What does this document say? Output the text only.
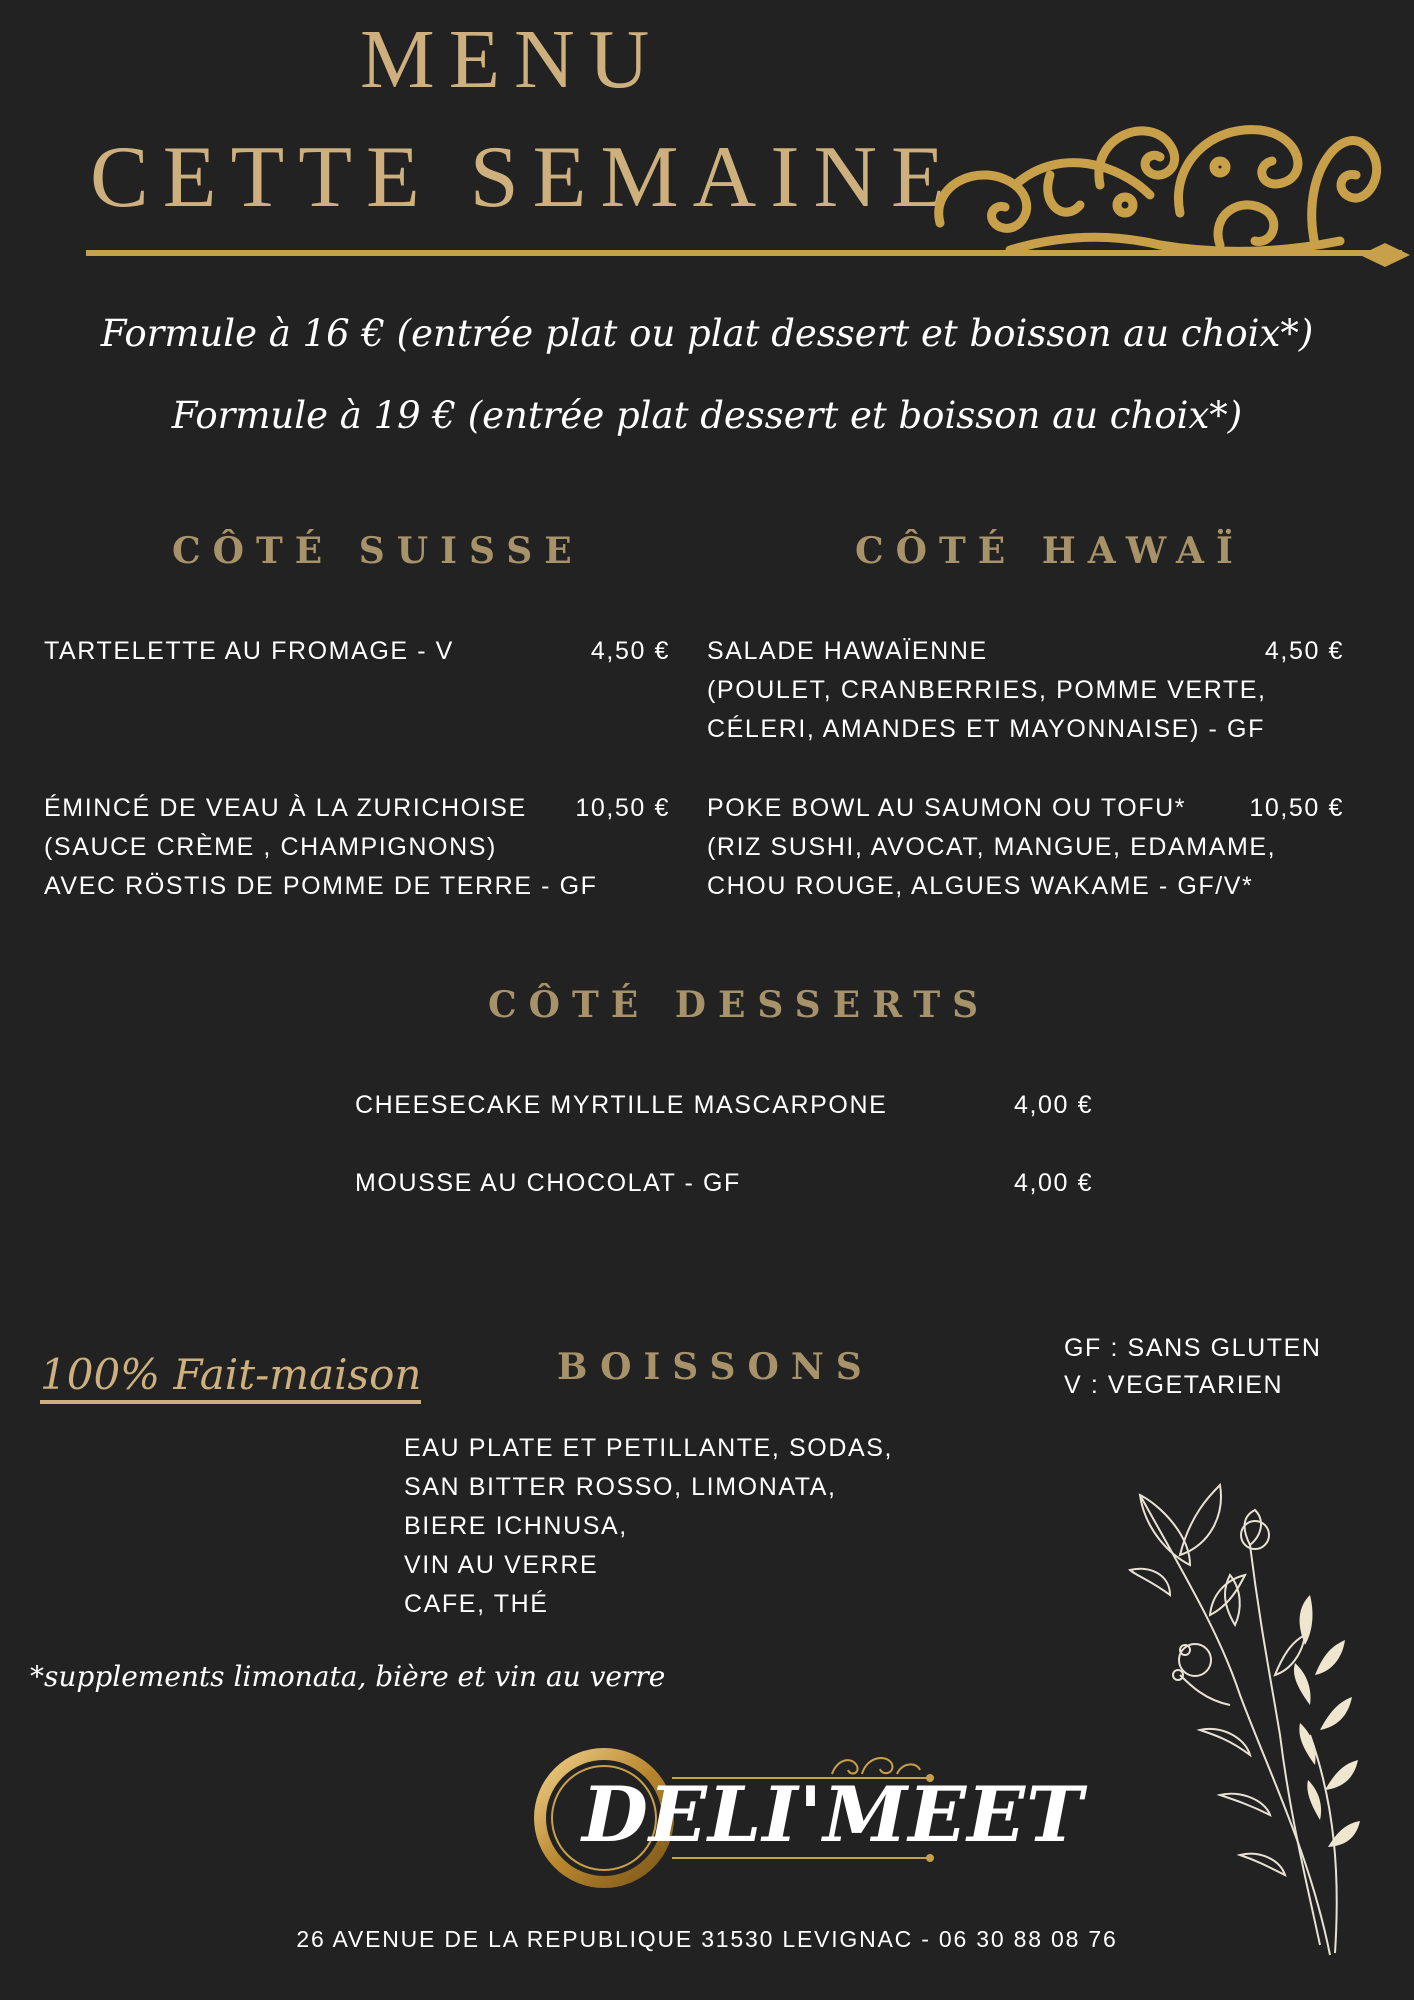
MENU
CETTE SEMAINE
Formule à 16 € (entrée plat ou plat dessert et boisson au choix*)
Formule à 19 € (entrée plat dessert et boisson au choix*)
CÔTÉ SUISSE
TARTELETTE AU FROMAGE - V	4,50 €
ÉMINCÉ DE VEAU À LA ZURICHOISE
(SAUCE CRÈME , CHAMPIGNONS)
AVEC RÖSTIS DE POMME DE TERRE - GF
10,50 €
CÔTÉ HAWAÏ
SALADE HAWAÏENNE
(POULET, CRANBERRIES, POMME VERTE,
CÉLERI, AMANDES ET MAYONNAISE) - GF
4,50 €
POKE BOWL AU SAUMON OU TOFU*
(RIZ SUSHI, AVOCAT, MANGUE, EDAMAME,
CHOU ROUGE, ALGUES WAKAME - GF/V*
10,50 €
CÔTÉ DESSERTS
CHEESECAKE MYRTILLE MASCARPONE	4,00 €
MOUSSE AU CHOCOLAT - GF	4,00 €
100% Fait-maison	BOISSONS
EAU PLATE ET PETILLANTE, SODAS,
SAN BITTER ROSSO, LIMONATA,
BIERE ICHNUSA,
VIN AU VERRE
CAFE, THÉ
GF : SANS GLUTEN
V : VEGETARIEN
*supplements limonata, bière et vin au verre
DELI'MEET
26 AVENUE DE LA REPUBLIQUE 31530 LEVIGNAC - 06 30 88 08 76
